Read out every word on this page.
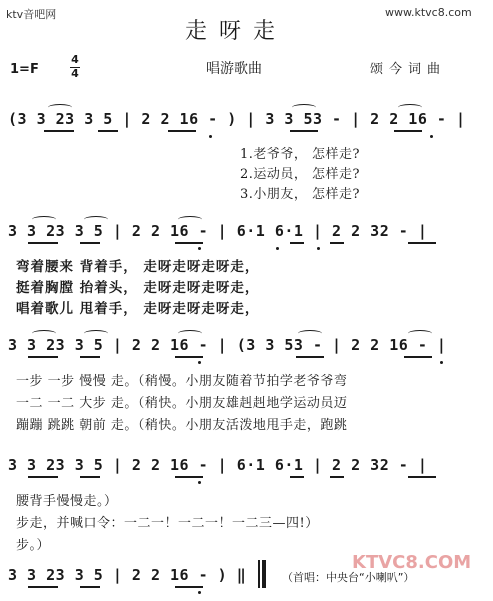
ktv音吧网	www.ktvc8.com
走呀走
1=F
4
4	唱游歌曲	颂今词曲
(3 3 23 3 5 | 2 2 16 - ) | 3 3 53 - | 2 2 16 - |
1.老爷爷， 怎样走?
2.运动员， 怎样走?
3.小朋友， 怎样走?
3 3 23 3 5 | 2 2 16 - | 6·1 6·1 | 2 2 32 - |
弯着腰来 背着手， 走呀走呀走呀走，
挺着胸膛 抬着头， 走呀走呀走呀走，
唱着歌儿 甩着手， 走呀走呀走呀走，
3 3 23 3 5 | 2 2 16 - | (3 3 53 - | 2 2 16 - |
一步 一步 慢慢 走。（稍慢。小朋友随着节拍学老爷爷弯
一二 一二 大步 走。（稍快。小朋友雄赳赳地学运动员迈
蹦蹦 跳跳 朝前 走。（稍快。小朋友活泼地甩手走，跑跳
3 3 23 3 5 | 2 2 16 - | 6·1 6·1 | 2 2 32 - |
腰背手慢慢走。）
步走，并喊口令：一二一！一二一！一二三—四!）
步。）
3 3 23 3 5 | 2 2 16 - ) ‖	（首唱：中央台“小喇叭”）
KTVC8.COM
